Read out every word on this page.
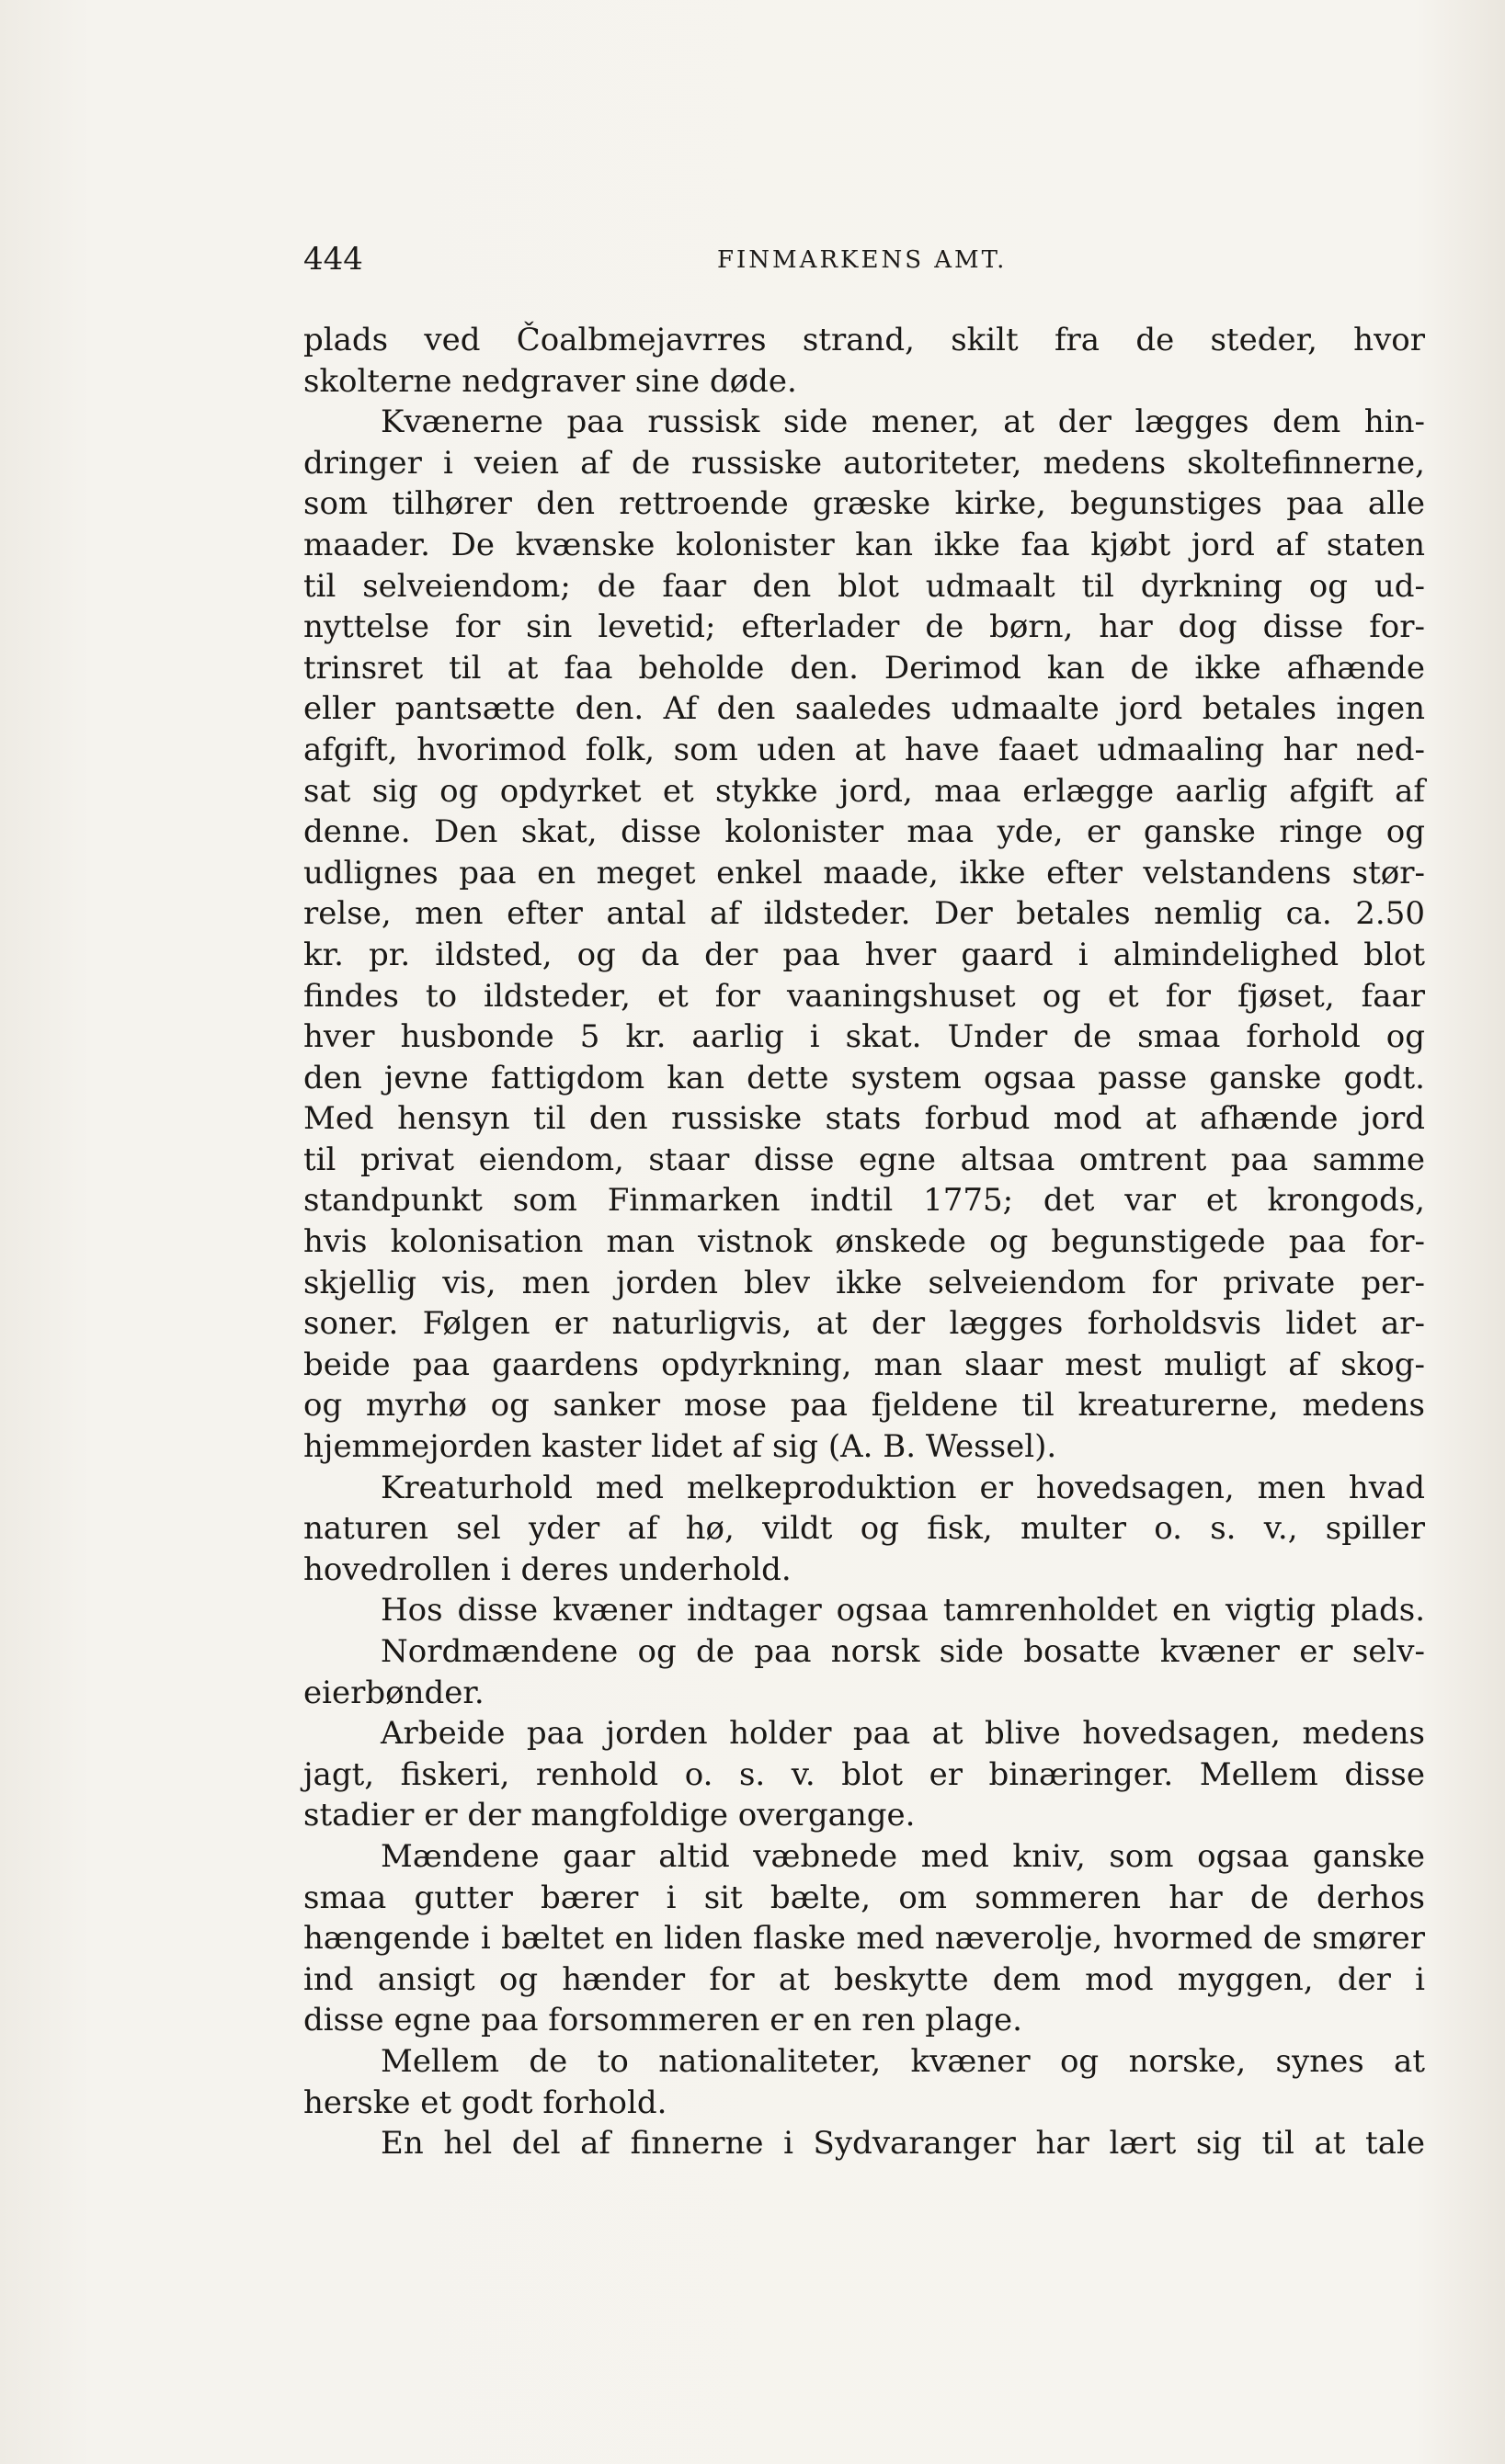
444	FINMARKENS AMT.
plads ved Čoalbmejavrres strand, skilt fra de steder, hvor
skolterne nedgraver sine døde.
Kvænerne paa russisk side mener, at der lægges dem hin-
dringer i veien af de russiske autoriteter, medens skoltefinnerne,
som tilhører den rettroende græske kirke, begunstiges paa alle
maader. De kvænske kolonister kan ikke faa kjøbt jord af staten
til selveiendom; de faar den blot udmaalt til dyrkning og ud-
nyttelse for sin levetid; efterlader de børn, har dog disse for-
trinsret til at faa beholde den. Derimod kan de ikke afhænde
eller pantsætte den. Af den saaledes udmaalte jord betales ingen
afgift, hvorimod folk, som uden at have faaet udmaaling har ned-
sat sig og opdyrket et stykke jord, maa erlægge aarlig afgift af
denne. Den skat, disse kolonister maa yde, er ganske ringe og
udlignes paa en meget enkel maade, ikke efter velstandens stør-
relse, men efter antal af ildsteder. Der betales nemlig ca. 2.50
kr. pr. ildsted, og da der paa hver gaard i almindelighed blot
findes to ildsteder, et for vaaningshuset og et for fjøset, faar
hver husbonde 5 kr. aarlig i skat. Under de smaa forhold og
den jevne fattigdom kan dette system ogsaa passe ganske godt.
Med hensyn til den russiske stats forbud mod at afhænde jord
til privat eiendom, staar disse egne altsaa omtrent paa samme
standpunkt som Finmarken indtil 1775; det var et krongods,
hvis kolonisation man vistnok ønskede og begunstigede paa for-
skjellig vis, men jorden blev ikke selveiendom for private per-
soner. Følgen er naturligvis, at der lægges forholdsvis lidet ar-
beide paa gaardens opdyrkning, man slaar mest muligt af skog-
og myrhø og sanker mose paa fjeldene til kreaturerne, medens
hjemmejorden kaster lidet af sig (A. B. Wessel).
Kreaturhold med melkeproduktion er hovedsagen, men hvad
naturen sel yder af hø, vildt og fisk, multer o. s. v., spiller
hovedrollen i deres underhold.
Hos disse kvæner indtager ogsaa tamrenholdet en vigtig plads.
Nordmændene og de paa norsk side bosatte kvæner er selv-
eierbønder.
Arbeide paa jorden holder paa at blive hovedsagen, medens
jagt, fiskeri, renhold o. s. v. blot er binæringer. Mellem disse
stadier er der mangfoldige overgange.
Mændene gaar altid væbnede med kniv, som ogsaa ganske
smaa gutter bærer i sit bælte, om sommeren har de derhos
hængende i bæltet en liden flaske med næverolje, hvormed de smører
ind ansigt og hænder for at beskytte dem mod myggen, der i
disse egne paa forsommeren er en ren plage.
Mellem de to nationaliteter, kvæner og norske, synes at
herske et godt forhold.
En hel del af finnerne i Sydvaranger har lært sig til at tale
